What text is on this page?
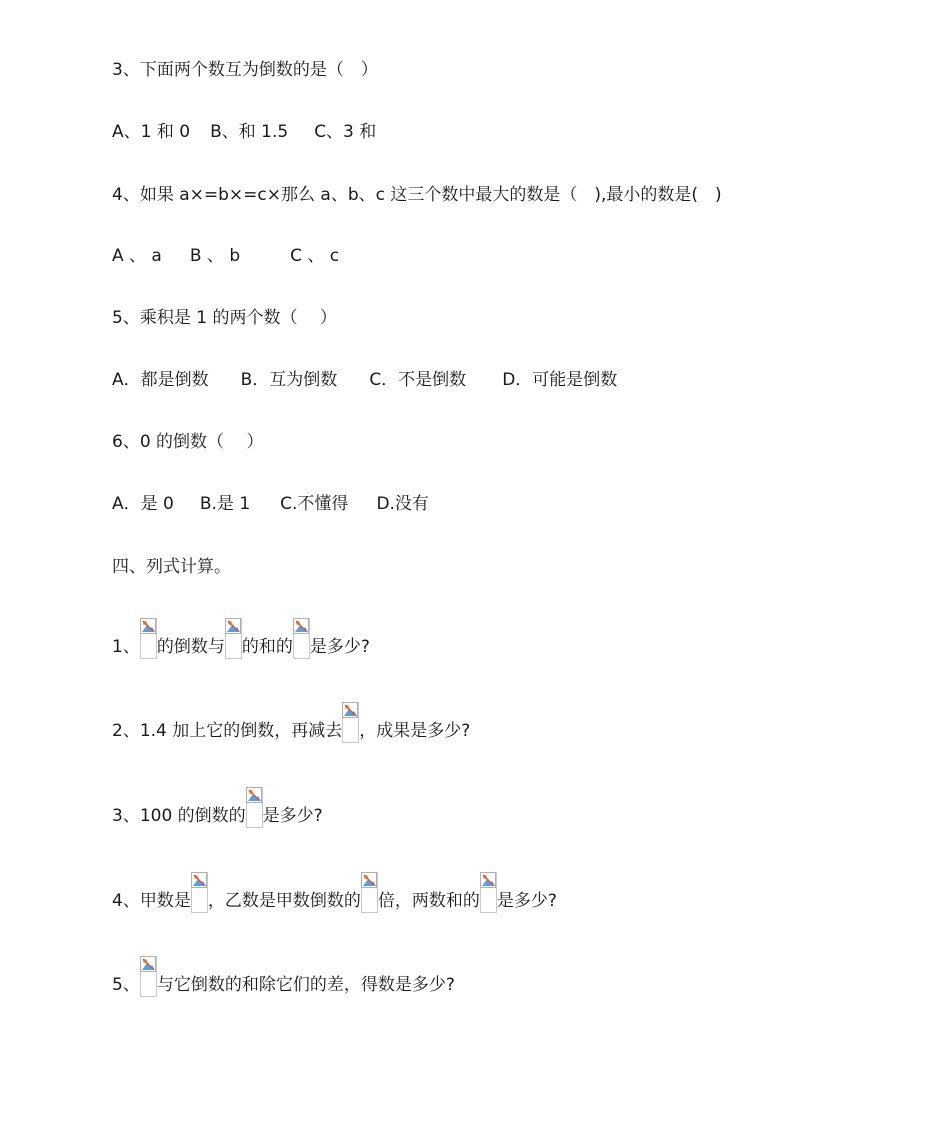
3、下面两个数互为倒数的是（　）
A、1 和 0 B、和 1.5 C、3 和
4、如果 a×=b×=c×那么 a、b、c 这三个数中最大的数是（　),最小的数是(　)
A 、 a B 、 b	C 、 c
5、乘积是 1 的两个数（　 ）
A．都是倒数 B．互为倒数 C．不是倒数 D．可能是倒数
6、0 的倒数（　 ）
A．是 0 B.是 1 C.不懂得 D.没有
四、列式计算。
1、 的倒数与 的和的 是多少?
2、1.4 加上它的倒数，再减去 ，成果是多少?
3、100 的倒数的 是多少?
4、甲数是 ，乙数是甲数倒数的 倍，两数和的 是多少?
5、 与它倒数的和除它们的差，得数是多少?
